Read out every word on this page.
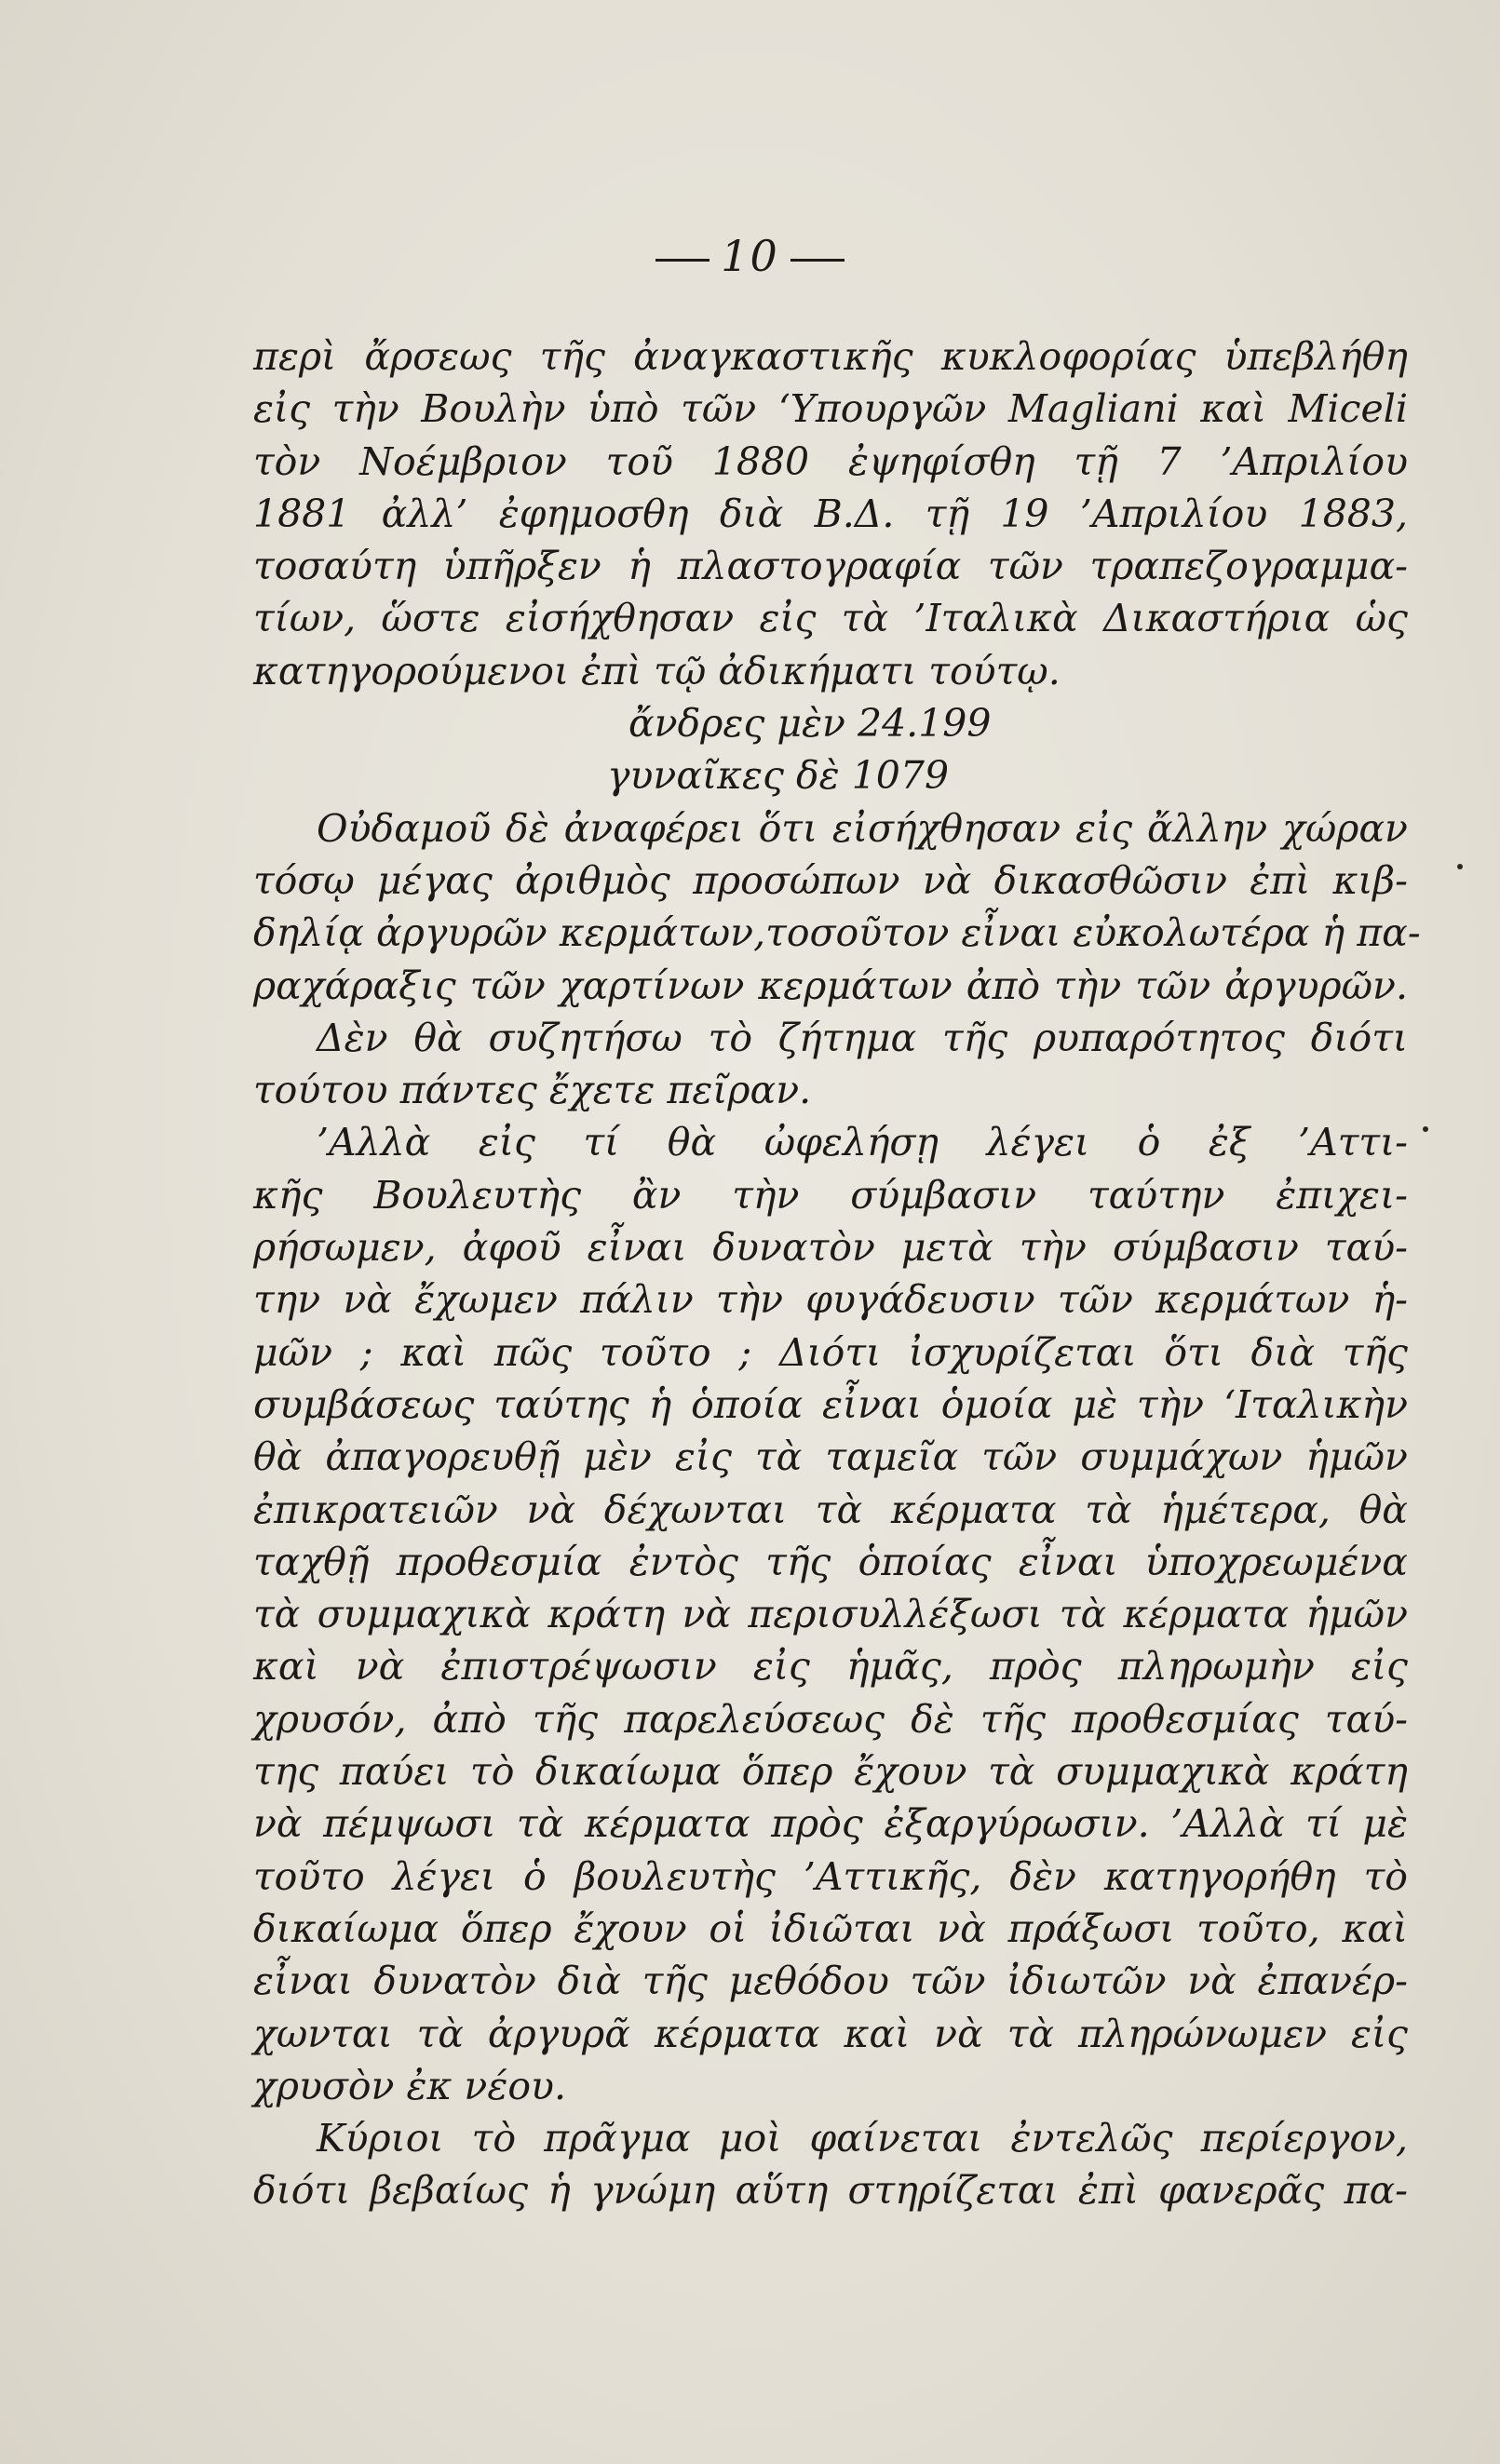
10
περὶ ἄρσεως τῆς ἀναγκαστικῆς κυκλοφορίας ὑπεβλήθη
εἰς τὴν Βουλὴν ὑπὸ τῶν ‘Υπουργῶν Magliani καὶ Miceli
τὸν Νοέμβριον τοῦ 1880 ἐψηφίσθη τῇ 7 ’Απριλίου
1881 ἀλλ’ ἐφημοσθη διὰ Β.Δ. τῇ 19 ’Απριλίου 1883,
τοσαύτη ὑπῆρξεν ἡ πλαστογραφία τῶν τραπεζογραμμα-
τίων, ὥστε εἰσήχθησαν εἰς τὰ ’Ιταλικὰ Δικαστήρια ὡς
κατηγορούμενοι ἐπὶ τῷ ἀδικήματι τούτῳ.
ἄνδρες μὲν 24.199
γυναῖκες δὲ 1079
Οὐδαμοῦ δὲ ἀναφέρει ὅτι εἰσήχθησαν εἰς ἄλλην χώραν
τόσῳ μέγας ἀριθμὸς προσώπων νὰ δικασθῶσιν ἐπὶ κιβ-
δηλίᾳ ἀργυρῶν κερμάτων,τοσοῦτον εἶναι εὐκολωτέρα ἡ πα-
ραχάραξις τῶν χαρτίνων κερμάτων ἀπὸ τὴν τῶν ἀργυρῶν.
Δὲν θὰ συζητήσω τὸ ζήτημα τῆς ρυπαρότητος διότι
τούτου πάντες ἔχετε πεῖραν.
’Αλλὰ εἰς τί θὰ ὠφελήσῃ λέγει ὁ ἐξ ’Αττι-
κῆς Βουλευτὴς ἂν τὴν σύμβασιν ταύτην ἐπιχει-
ρήσωμεν, ἀφοῦ εἶναι δυνατὸν μετὰ τὴν σύμβασιν ταύ-
την νὰ ἔχωμεν πάλιν τὴν φυγάδευσιν τῶν κερμάτων ἡ-
μῶν ; καὶ πῶς τοῦτο ; Διότι ἰσχυρίζεται ὅτι διὰ τῆς
συμβάσεως ταύτης ἡ ὁποία εἶναι ὁμοία μὲ τὴν ‘Ιταλικὴν
θὰ ἀπαγορευθῇ μὲν εἰς τὰ ταμεῖα τῶν συμμάχων ἡμῶν
ἐπικρατειῶν νὰ δέχωνται τὰ κέρματα τὰ ἡμέτερα, θὰ
ταχθῇ προθεσμία ἐντὸς τῆς ὁποίας εἶναι ὑποχρεωμένα
τὰ συμμαχικὰ κράτη νὰ περισυλλέξωσι τὰ κέρματα ἡμῶν
καὶ νὰ ἐπιστρέψωσιν εἰς ἡμᾶς, πρὸς πληρωμὴν εἰς
χρυσόν, ἀπὸ τῆς παρελεύσεως δὲ τῆς προθεσμίας ταύ-
της παύει τὸ δικαίωμα ὅπερ ἔχουν τὰ συμμαχικὰ κράτη
νὰ πέμψωσι τὰ κέρματα πρὸς ἐξαργύρωσιν. ’Αλλὰ τί μὲ
τοῦτο λέγει ὁ βουλευτὴς ’Αττικῆς, δὲν κατηγορήθη τὸ
δικαίωμα ὅπερ ἔχουν οἱ ἰδιῶται νὰ πράξωσι τοῦτο, καὶ
εἶναι δυνατὸν διὰ τῆς μεθόδου τῶν ἰδιωτῶν νὰ ἐπανέρ-
χωνται τὰ ἀργυρᾶ κέρματα καὶ νὰ τὰ πληρώνωμεν εἰς
χρυσὸν ἐκ νέου.
Κύριοι τὸ πρᾶγμα μοὶ φαίνεται ἐντελῶς περίεργον,
διότι βεβαίως ἡ γνώμη αὕτη στηρίζεται ἐπὶ φανερᾶς πα-
